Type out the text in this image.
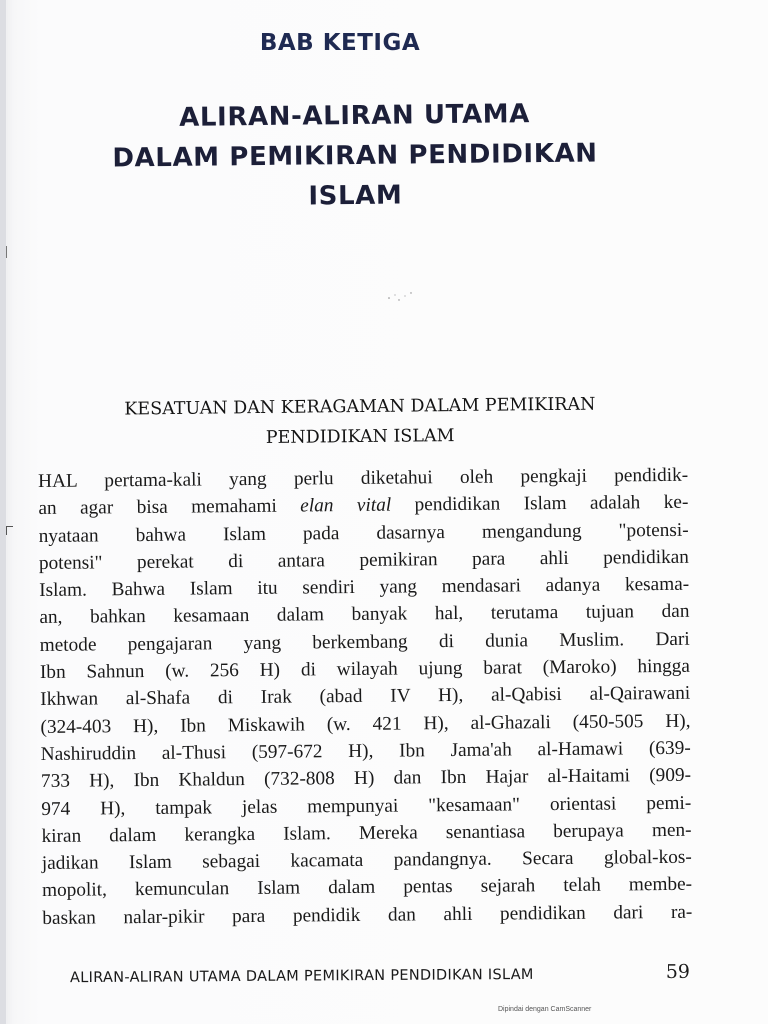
BAB KETIGA
ALIRAN-ALIRAN UTAMA
DALAM PEMIKIRAN PENDIDIKAN
ISLAM
KESATUAN DAN KERAGAMAN DALAM PEMIKIRAN
PENDIDIKAN ISLAM
HAL pertama-kali yang perlu diketahui oleh pengkaji pendidik-
an agar bisa memahami elan vital pendidikan Islam adalah ke-
nyataan bahwa Islam pada dasarnya mengandung "potensi-
potensi" perekat di antara pemikiran para ahli pendidikan
Islam. Bahwa Islam itu sendiri yang mendasari adanya kesama-
an, bahkan kesamaan dalam banyak hal, terutama tujuan dan
metode pengajaran yang berkembang di dunia Muslim. Dari
Ibn Sahnun (w. 256 H) di wilayah ujung barat (Maroko) hingga
Ikhwan al-Shafa di Irak (abad IV H), al-Qabisi al-Qairawani
(324-403 H), Ibn Miskawih (w. 421 H), al-Ghazali (450-505 H),
Nashiruddin al-Thusi (597-672 H), Ibn Jama'ah al-Hamawi (639-
733 H), Ibn Khaldun (732-808 H) dan Ibn Hajar al-Haitami (909-
974 H), tampak jelas mempunyai "kesamaan" orientasi pemi-
kiran dalam kerangka Islam. Mereka senantiasa berupaya men-
jadikan Islam sebagai kacamata pandangnya. Secara global-kos-
mopolit, kemunculan Islam dalam pentas sejarah telah membe-
baskan nalar-pikir para pendidik dan ahli pendidikan dari ra-
ALIRAN-ALIRAN UTAMA DALAM PEMIKIRAN PENDIDIKAN ISLAM	59
Dipindai dengan CamScanner
